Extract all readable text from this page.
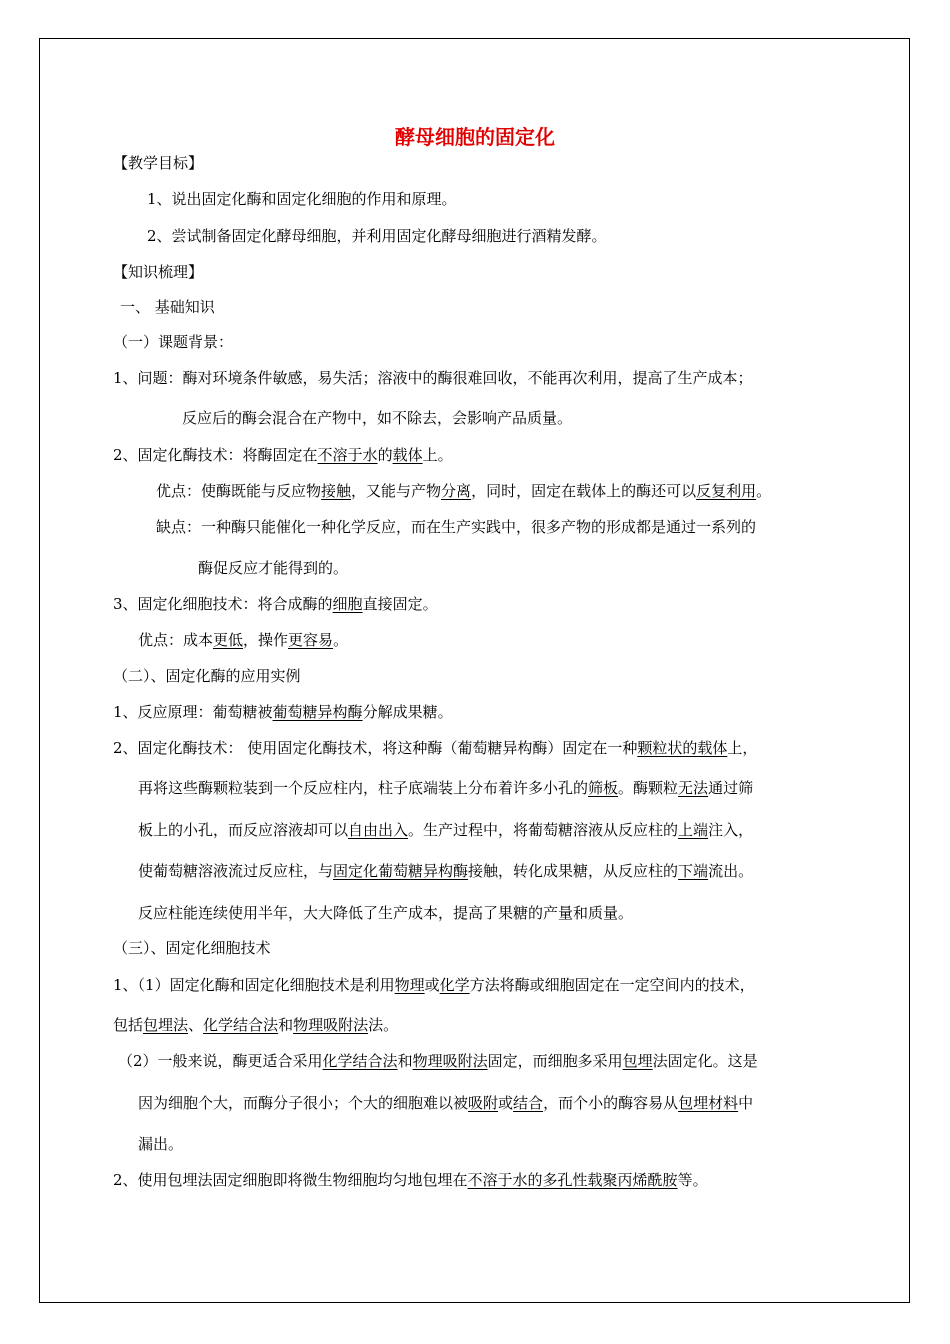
酵母细胞的固定化
【教学目标】
1、说出固定化酶和固定化细胞的作用和原理。
2、尝试制备固定化酵母细胞，并利用固定化酵母细胞进行酒精发酵。
【知识梳理】
一、 基础知识
（一）课题背景：
1、问题：酶对环境条件敏感，易失活；溶液中的酶很难回收，不能再次利用，提高了生产成本；
反应后的酶会混合在产物中，如不除去，会影响产品质量。
2、固定化酶技术：将酶固定在不溶于水的载体上。
优点：使酶既能与反应物接触，又能与产物分离，同时，固定在载体上的酶还可以反复利用。
缺点：一种酶只能催化一种化学反应，而在生产实践中，很多产物的形成都是通过一系列的
酶促反应才能得到的。
3、固定化细胞技术：将合成酶的细胞直接固定。
优点：成本更低，操作更容易。
（二）、固定化酶的应用实例
1、反应原理：葡萄糖被葡萄糖异构酶分解成果糖。
2、固定化酶技术： 使用固定化酶技术，将这种酶（葡萄糖异构酶）固定在一种颗粒状的载体上，
再将这些酶颗粒装到一个反应柱内，柱子底端装上分布着许多小孔的筛板。酶颗粒无法通过筛
板上的小孔，而反应溶液却可以自由出入。生产过程中，将葡萄糖溶液从反应柱的上端注入，
使葡萄糖溶液流过反应柱，与固定化葡萄糖异构酶接触，转化成果糖，从反应柱的下端流出。
反应柱能连续使用半年，大大降低了生产成本，提高了果糖的产量和质量。
（三）、固定化细胞技术
1、（1）固定化酶和固定化细胞技术是利用物理或化学方法将酶或细胞固定在一定空间内的技术，
包括包埋法、化学结合法和物理吸附法法。
（2）一般来说，酶更适合采用化学结合法和物理吸附法固定，而细胞多采用包埋法固定化。这是
因为细胞个大，而酶分子很小；个大的细胞难以被吸附或结合，而个小的酶容易从包埋材料中
漏出。
2、使用包埋法固定细胞即将微生物细胞均匀地包埋在不溶于水的多孔性载聚丙烯酰胺等。
